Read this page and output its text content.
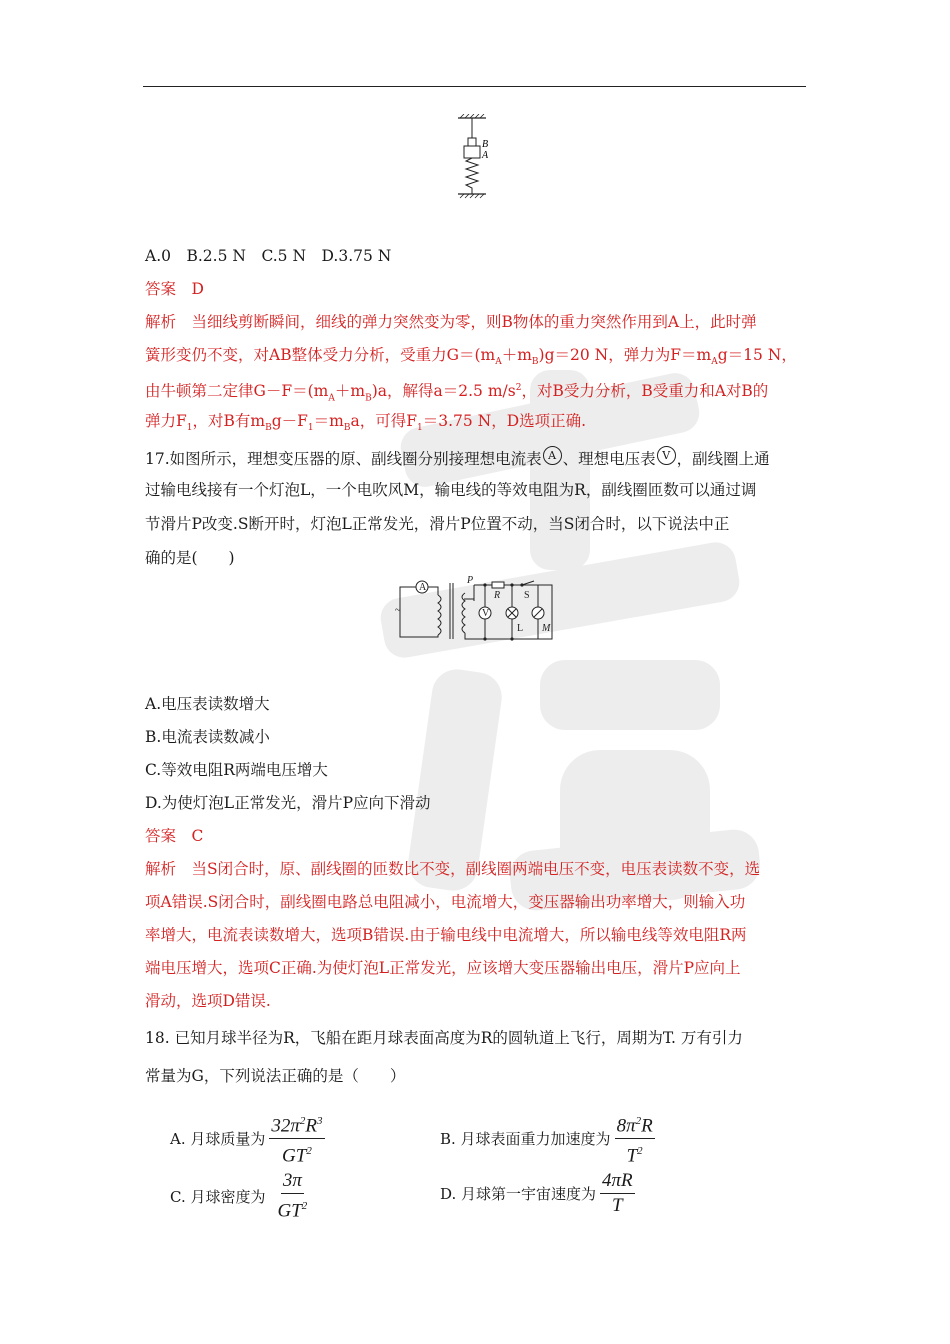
B
A
A.0　B.2.5 N　C.5 N　D.3.75 N
答案　 D
解析　当细线剪断瞬间，细线的弹力突然变为零，则B物体的重力突然作用到A上，此时弹
簧形变仍不变，对AB整体受力分析，受重力$G=(m_A+m_B)g=20$ N，弹力为$F=m_Ag=15$ N，
由牛顿第二定律$G-F=(m_A+m_B)a$，解得a＝2.5 $m/s^2$，对B受力分析，B受重力和A对B的
弹力$F_1$，对B有$m_Bg-F_1=m_Ba$，可得$F_1=3.75$ N，D选项正确.
17.如图所示，理想变压器的原、副线圈分别接理想电流表 A 、理想电压表 V ，副线圈上通
过输电线接有一个灯泡L，一个电吹风M，输电线的等效电阻为R，副线圈匝数可以通过调
节滑片P改变.S断开时，灯泡L正常发光，滑片P位置不动，当S闭合时，以下说法中正
确的是(　　)
A
~
P
V
R S
L M
A.电压表读数增大
B.电流表读数减小
C.等效电阻R两端电压增大
D.为使灯泡L正常发光，滑片P应向下滑动
答案　 C
解析　 当S闭合时，原、副线圈的匝数比不变，副线圈两端电压不变，电压表读数不变，选
项A错误.S闭合时，副线圈电路总电阻减小，电流增大，变压器输出功率增大，则输入功
率增大，电流表读数增大，选项B错误.由于输电线中电流增大，所以输电线等效电阻R两
端电压增大，选项C正确.为使灯泡L正常发光，应该增大变压器输出电压，滑片P应向上
滑动，选项D错误.
18. 已知月球半径为R，飞船在距月球表面高度为R的圆轨道上飞行，周期为T. 万有引力
常量为G，下列说法正确的是（　　）
A. 月球质量为 $\frac{32\pi^2R^3}{GT^2}$	B. 月球表面重力加速度为 $\frac{8\pi^2R}{T^2}$
C. 月球密度为 $\frac{3\pi}{GT^2}$	D. 月球第一宇宙速度为 $\frac{4\pi R}{T}$
